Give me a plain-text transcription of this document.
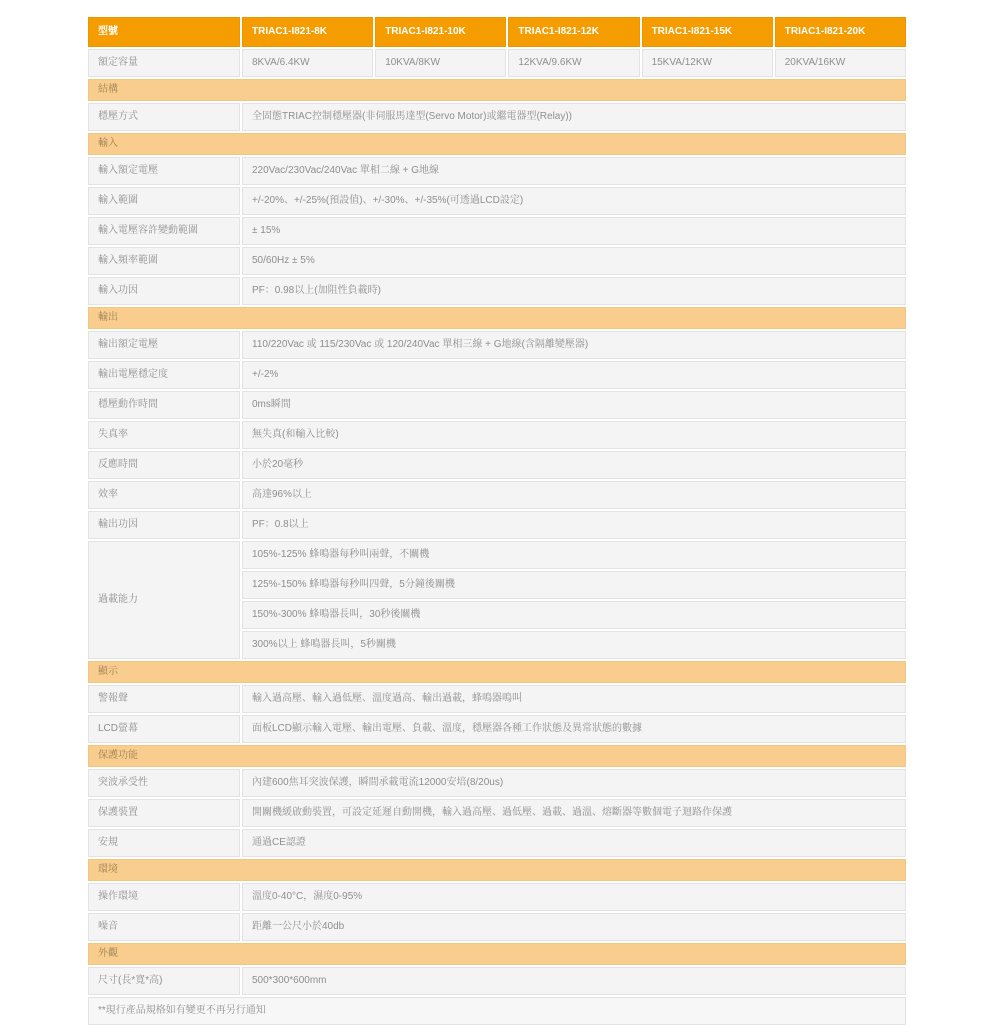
型號	TRIAC1-I821-8K	TRIAC1-I821-10K	TRIAC1-I821-12K	TRIAC1-I821-15K	TRIAC1-I821-20K
額定容量	8KVA/6.4KW	10KVA/8KW	12KVA/9.6KW	15KVA/12KW	20KVA/16KW
結構					
穩壓方式	全固態TRIAC控制穩壓器(非伺服馬達型(Servo Motor)或繼電器型(Relay))				
輸入					
輸入額定電壓	220Vac/230Vac/240Vac 單相二線 + G地線				
輸入範圍	+/-20%、+/-25%(預設值)、+/-30%、+/-35%(可透過LCD設定)				
輸入電壓容許變動範圍	± 15%				
輸入頻率範圍	50/60Hz ± 5%				
輸入功因	PF：0.98以上(加阻性負載時)				
輸出					
輸出額定電壓	110/220Vac 或 115/230Vac 或 120/240Vac 單相三線 + G地線(含隔離變壓器)				
輸出電壓穩定度	+/-2%				
穩壓動作時間	0ms瞬間				
失真率	無失真(和輸入比較)				
反應時間	小於20毫秒				
效率	高達96%以上				
輸出功因	PF：0.8以上				
過載能力	105%-125% 蜂鳴器每秒叫兩聲，不關機				
	125%-150% 蜂鳴器每秒叫四聲，5分鐘後關機				
	150%-300% 蜂鳴器長叫，30秒後關機				
	300%以上 蜂鳴器長叫，5秒關機				
顯示					
警報聲	輸入過高壓、輸入過低壓、溫度過高、輸出過載，蜂鳴器鳴叫				
LCD螢幕	面板LCD顯示輸入電壓、輸出電壓、負載、溫度，穩壓器各種工作狀態及異常狀態的數據				
保護功能					
突波承受性	內建600焦耳突波保護，瞬間承載電流12000安培(8/20us)				
保護裝置	開關機緩啟動裝置，可設定延遲自動開機，輸入過高壓、過低壓、過載、過溫、熔斷器等數個電子迴路作保護				
安規	通過CE認證				
環境					
操作環境	溫度0-40°C，濕度0-95%				
噪音	距離一公尺小於40db				
外觀					
尺寸(長*寬*高)	500*300*600mm				
**現行產品規格如有變更不再另行通知					
